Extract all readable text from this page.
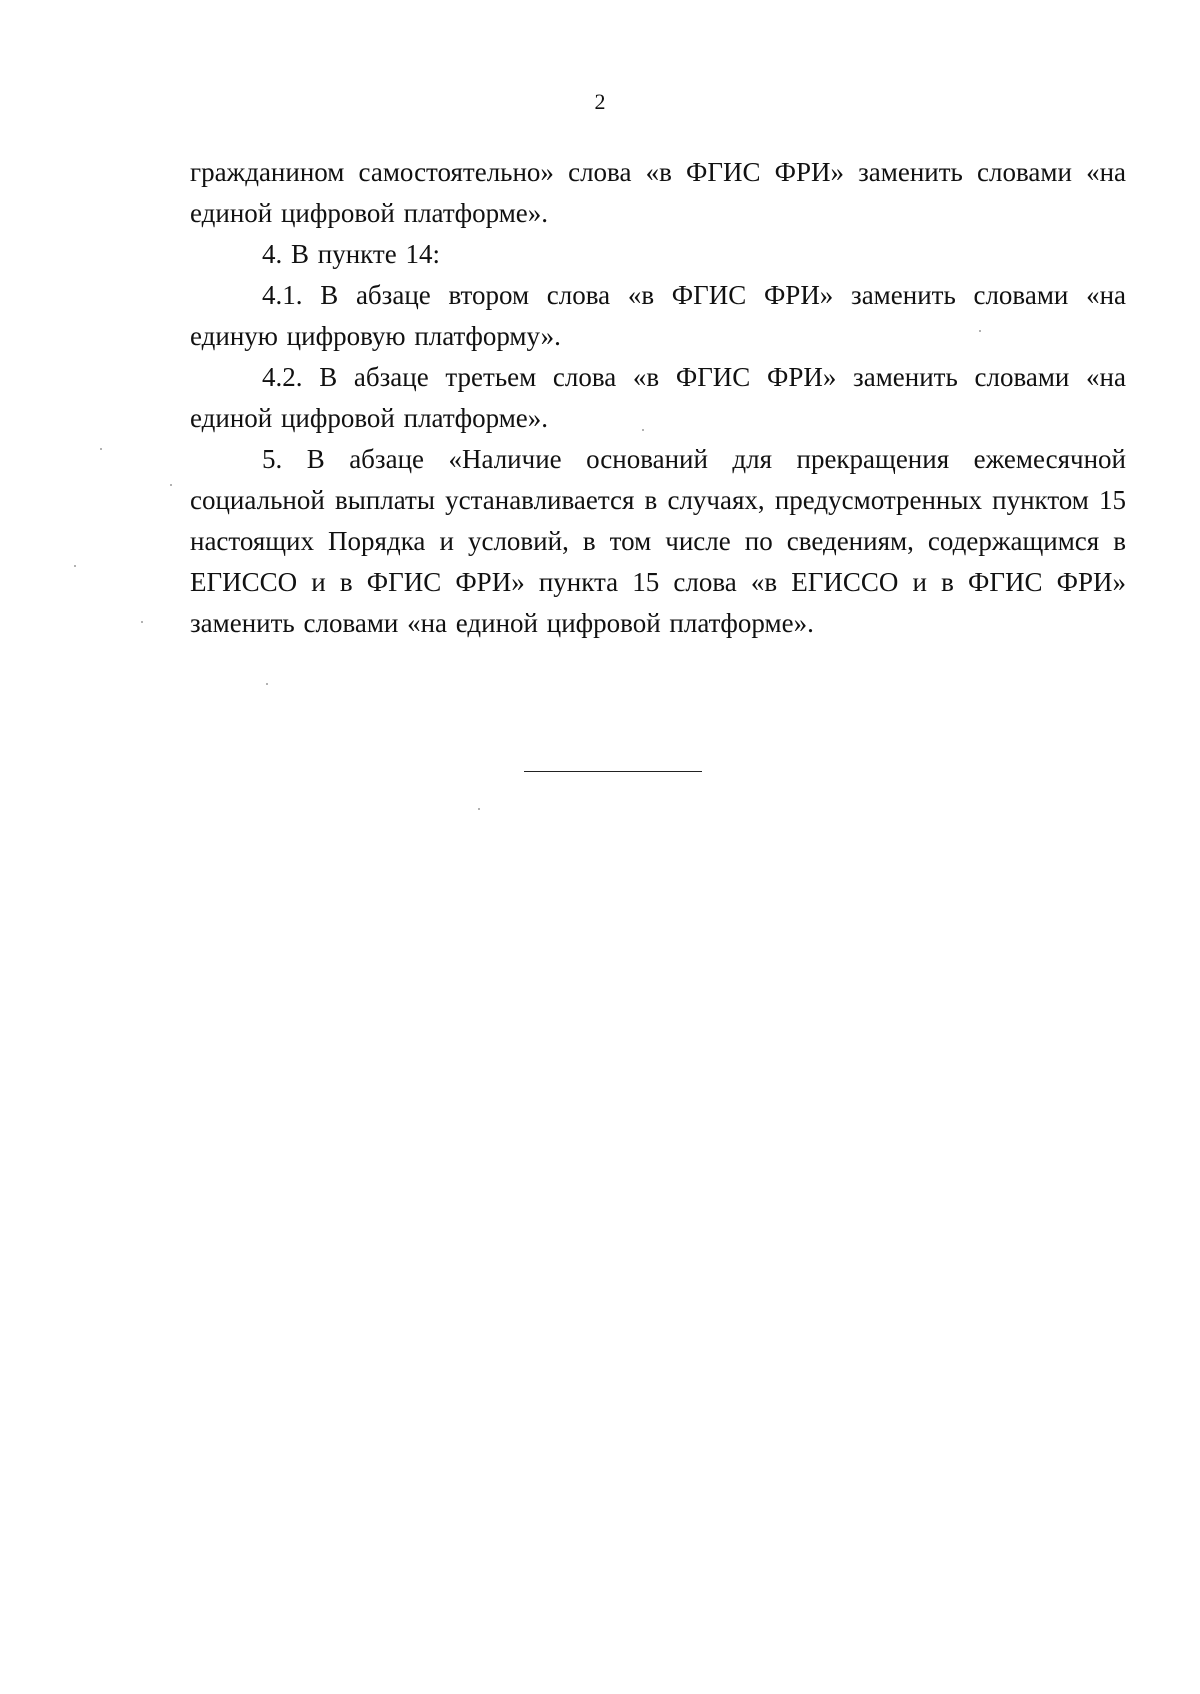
2

гражданином самостоятельно» слова «в ФГИС ФРИ» заменить словами «на единой цифровой платформе».

4. В пункте 14:

4.1. В абзаце втором слова «в ФГИС ФРИ» заменить словами «на единую цифровую платформу».

4.2. В абзаце третьем слова «в ФГИС ФРИ» заменить словами «на единой цифровой платформе».

5. В абзаце «Наличие оснований для прекращения ежемесячной социальной выплаты устанавливается в случаях, предусмотренных пунктом 15 настоящих Порядка и условий, в том числе по сведениям, содержащимся в ЕГИССО и в ФГИС ФРИ» пункта 15 слова «в ЕГИССО и в ФГИС ФРИ» заменить словами «на единой цифровой платформе».
